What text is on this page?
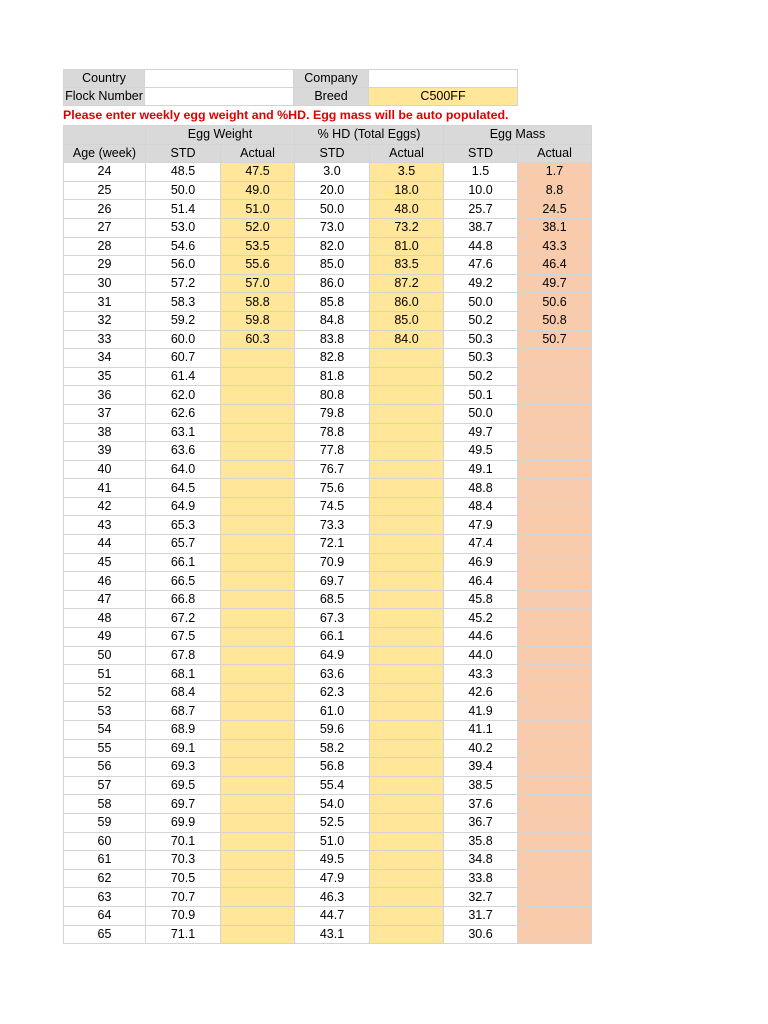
Country	Company
Flock Number	Breed	C500FF
Please enter weekly egg weight and %HD. Egg mass will be auto populated.
	Egg Weight		% HD (Total Eggs)		Egg Mass	
Age (week)	STD	Actual	STD	Actual	STD	Actual
24	48.5	47.5	3.0	3.5	1.5	1.7
25	50.0	49.0	20.0	18.0	10.0	8.8
26	51.4	51.0	50.0	48.0	25.7	24.5
27	53.0	52.0	73.0	73.2	38.7	38.1
28	54.6	53.5	82.0	81.0	44.8	43.3
29	56.0	55.6	85.0	83.5	47.6	46.4
30	57.2	57.0	86.0	87.2	49.2	49.7
31	58.3	58.8	85.8	86.0	50.0	50.6
32	59.2	59.8	84.8	85.0	50.2	50.8
33	60.0	60.3	83.8	84.0	50.3	50.7
34	60.7		82.8		50.3	
35	61.4		81.8		50.2	
36	62.0		80.8		50.1	
37	62.6		79.8		50.0	
38	63.1		78.8		49.7	
39	63.6		77.8		49.5	
40	64.0		76.7		49.1	
41	64.5		75.6		48.8	
42	64.9		74.5		48.4	
43	65.3		73.3		47.9	
44	65.7		72.1		47.4	
45	66.1		70.9		46.9	
46	66.5		69.7		46.4	
47	66.8		68.5		45.8	
48	67.2		67.3		45.2	
49	67.5		66.1		44.6	
50	67.8		64.9		44.0	
51	68.1		63.6		43.3	
52	68.4		62.3		42.6	
53	68.7		61.0		41.9	
54	68.9		59.6		41.1	
55	69.1		58.2		40.2	
56	69.3		56.8		39.4	
57	69.5		55.4		38.5	
58	69.7		54.0		37.6	
59	69.9		52.5		36.7	
60	70.1		51.0		35.8	
61	70.3		49.5		34.8	
62	70.5		47.9		33.8	
63	70.7		46.3		32.7	
64	70.9		44.7		31.7	
65	71.1		43.1		30.6	
